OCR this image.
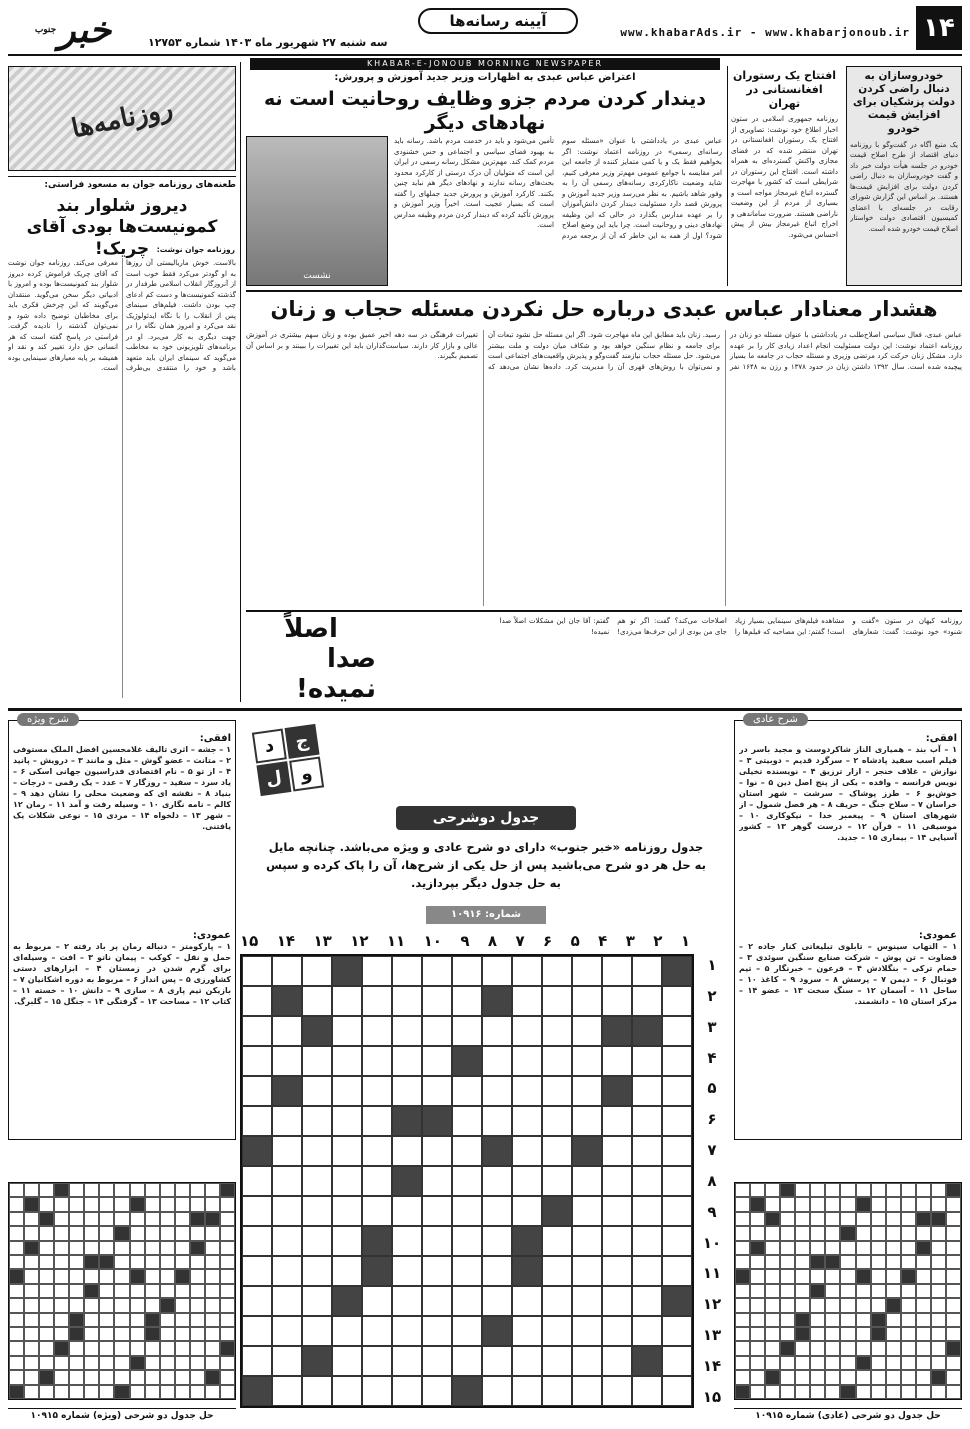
۱۴
www.khabarAds.ir - www.khabarjonoub.ir
آیینه رسانه‌ها
سه شنبه ۲۷ شهریور ماه ۱۴۰۳ شماره ۱۲۷۵۳
خبر
جنوب
KHABAR-E-JONOUB MORNING NEWSPAPER
روزنامه‌ها
طعنه‌های روزنامه جوان به مسعود فراستی:
دیروز شلوار بند کمونیست‌ها بودی آقای چریک!	روزنامه جوان نوشت:
بالاست. خوش ماریالیستی آن روزها به او گودتر می‌کرد فقط خوب است از آنروزگار انقلاب اسلامی طرفدار در گذشته کمونیست‌ها و دست کم ادعای چپ بودن داشت. فیلم‌های سینمای پس از انقلاب را با نگاه ایدئولوژیک نقد می‌کرد و امروز همان نگاه را در جهت دیگری به کار می‌برد. او در برنامه‌های تلویزیونی خود به مخاطب می‌گوید که سینمای ایران باید متعهد باشد و خود را منتقدی بی‌طرف معرفی می‌کند. روزنامه جوان نوشت که آقای چریک فراموش کرده دیروز شلوار بند کمونیست‌ها بوده و امروز با ادبیاتی دیگر سخن می‌گوید. منتقدان می‌گویند که این چرخش فکری باید برای مخاطبان توضیح داده شود و نمی‌توان گذشته را نادیده گرفت. فراستی در پاسخ گفته است که هر انسانی حق دارد تغییر کند و نقد او همیشه بر پایه معیارهای سینمایی بوده است.
خودروسازان به دنبال راضی کردن دولت پزشکیان برای افزایش قیمت خودرو
یک منبع آگاه در گفت‌وگو با روزنامه دنیای اقتصاد از طرح اصلاح قیمت خودرو در جلسه هیأت دولت خبر داد و گفت خودروسازان به دنبال راضی کردن دولت برای افزایش قیمت‌ها هستند. بر اساس این گزارش شورای رقابت در جلسه‌ای با اعضای کمیسیون اقتصادی دولت خواستار اصلاح قیمت خودرو شده است.
افتتاح یک رستوران افغانستانی در تهران
روزنامه جمهوری اسلامی در ستون اخبار اطلاع خود نوشت: تصاویری از افتتاح یک رستوران افغانستانی در تهران منتشر شده که در فضای مجازی واکنش گسترده‌ای به همراه داشته است. افتتاح این رستوران در شرایطی است که کشور با مهاجرت گسترده اتباع غیرمجاز مواجه است و بسیاری از مردم از این وضعیت ناراضی هستند. ضرورت ساماندهی و اخراج اتباع غیرمجاز بیش از پیش احساس می‌شود.
اعتراض عباس عبدی به اظهارات وزیر جدید آموزش و پرورش:
دیندار کردن مردم جزو وظایف روحانیت است نه نهادهای دیگر
عباس عبدی در یادداشتی با عنوان «مسئله سوم رسانه‌ای رسمی» در روزنامه اعتماد نوشت: اگر بخواهیم فقط یک و یا کمی متمایز کننده از جامعه این امر مقایسه با جوامع عمومی مهم‌تر وزیر معرفی کنیم، شاید وضعیت ناکارکردی رسانه‌های رسمی آن را به وفور شاهد باشیم. به نظر می‌رسد وزیر جدید آموزش و پرورش قصد دارد مسئولیت دیندار کردن دانش‌آموزان را بر عهده مدارس بگذارد در حالی که این وظیفه نهادهای دینی و روحانیت است. چرا باید این وضع اصلاح شود؟ اول از همه به این خاطر که آن از برجعه مردم تأمین می‌شود و باید در خدمت مردم باشد. رسانه باید به بهبود فضای سیاسی و اجتماعی و حس خشنودی مردم کمک کند. مهم‌ترین مشکل رسانه رسمی در ایران این است که متولیان آن درک درستی از کارکرد محدود بحث‌های رسانه ندارند و نهادهای دیگر هم نباید چنین بکنند. کارکرد آموزش و پرورش جدید جملهای را گفته است که بسیار عجیب است. اخیراً وزیر آموزش و پرورش تأکید کرده که دیندار کردن مردم وظیفه مدارس است.
نشست
هشدار معنادار عباس عبدی درباره حل نکردن مسئله حجاب و زنان
عباس عبدی، فعال سیاسی اصلاح‌طلب در یادداشتی با عنوان مسئله دو زنان در روزنامه اعتماد نوشت: این دولت مسئولیت انجام اعداد زیادی کار را بر عهده دارد. مشکل زنان حرکت کرد مرتضی وزیری و مسئله حجاب در جامعه ما بسیار پیچیده شده است. سال ۱۳۹۲ داشتن زبان در حدود ۱۳۷۸ و رزن به ۱۶۴۸ نفر رسید. زنان باید مطابق این ماه مهاجرت شود. اگر این مسئله حل نشود تبعات آن برای جامعه و نظام سنگین خواهد بود و شکاف میان دولت و ملت بیشتر می‌شود. حل مسئله حجاب نیازمند گفت‌وگو و پذیرش واقعیت‌های اجتماعی است و نمی‌توان با روش‌های قهری آن را مدیریت کرد. داده‌ها نشان می‌دهد که تغییرات فرهنگی در سه دهه اخیر عمیق بوده و زنان سهم بیشتری در آموزش عالی و بازار کار دارند. سیاست‌گذاران باید این تغییرات را ببینند و بر اساس آن تصمیم بگیرند.
اصلاً
صدا نمیده!
روزنامه کیهان در ستون «گفت و شنود» خود نوشت: گفت: شعارهای مشاهده فیلم‌های سینمایی بسیار زیاد است! گفتم: این مصاحبه که فیلم‌ها را اصلاحات می‌کند؟ گفت: اگر تو هم جای من بودی از این حرف‌ها می‌زدی! گفتم: آقا جان این مشکلات اصلاً صدا نمیده!
شرح ویژه
افقی:
۱ – جشه – اثری تالیف غلامحسین افضل الملک مستوفی ۲ – متانت – عضو گوش – مثل و مانند ۳ – درویش – پانید ۴ – از تو ۵ – نام اقتصادی فدراسیون جهانی اسکی ۶ – یاد سرد – سفید – روزگار ۷ – عدد – یک رقمی – درجات – بنیاد ۸ – نقشه ای که وضعیت محلی را نشان دهد ۹ – کالم – نامه نگاری ۱۰ – وسیله رفت و آمد ۱۱ – رمان ۱۲ – شهر ۱۳ – دلخواه ۱۴ – مردی ۱۵ – نوعی شکلات یک یافتنی.
عمودی:
۱ – پارکومتر – دنباله رمان پر باد رفته ۲ – مربوط به حمل و نقل – کوکب – پیمان ناتو ۳ – افت – وسیله‌ای برای گرم شدن در زمستان ۴ – ابزارهای دستی کشاورزی ۵ – پس انداز ۶ – مربوط به دوره اشکانیان ۷ – بازیکن تیم پاری ۸ – سازی ۹ – دانش ۱۰ – خسته ۱۱ – کتاب ۱۲ – مساحت ۱۳ – گرفتگی ۱۴ – جنگل ۱۵ – گلبرگ.
شرح عادی
افقی:
۱ – آب بند – همیاری الناز شاکردوست و مجید باسر در فیلم اسب سفید پادشاه ۲ – سرگرد قدیم – دوبیتی ۳ – نوازش – غلاف خنجر – ازار ترزیق ۴ – نویسنده تخیلی نویس فرانسه – وافده – یکی از پنج اصل دین ۵ – نوا – خوش‌بو ۶ – طرز پوشاک – سرشت – شهر استان خراسان ۷ – سلاح جنگ – حریف ۸ – هر فصل شمول – از شهرهای استان ۹ – پیغمبر خدا – نیکوکاری ۱۰ – موسیقی ۱۱ – قرآن ۱۲ – درست گوهر ۱۳ – کشور آسیایی ۱۴ – بیماری ۱۵ – جدید.
عمودی:
۱ – التهاب سینوس – تابلوی تبلیغاتی کنار جاده ۲ – قضاوت – تن پوش – شرکت صنایع سنگین سوئدی ۳ – حمام ترکی – بنگلادش ۴ – فرعون – خبرنگار ۵ – تیم فوتبال ۶ – دیمن ۷ – پرسش ۸ – سرود ۹ – کاغذ ۱۰ – ساحل ۱۱ – آسمان ۱۲ – سنگ سخت ۱۳ – عضو ۱۴ – مرکز استان ۱۵ – دانشمند.
ج
د
و
ل
جدول دوشرحی
جدول روزنامه «خبر جنوب» دارای دو شرح عادی و ویژه می‌باشد. چنانچه مایل به حل هر دو شرح می‌باشید پس از حل یکی از شرح‌ها، آن را پاک کرده و سپس به حل جدول دیگر بپردازید.
شماره: ۱۰۹۱۶
۱
۲
۳
۴
۵
۶
۷
۸
۹
۱۰
۱۱
۱۲
۱۳
۱۴
۱۵
۱
۲
۳
۴
۵
۶
۷
۸
۹
۱۰
۱۱
۱۲
۱۳
۱۴
۱۵
حل جدول دو شرحی (ویژه) شماره ۱۰۹۱۵	حل جدول دو شرحی (عادی) شماره ۱۰۹۱۵
